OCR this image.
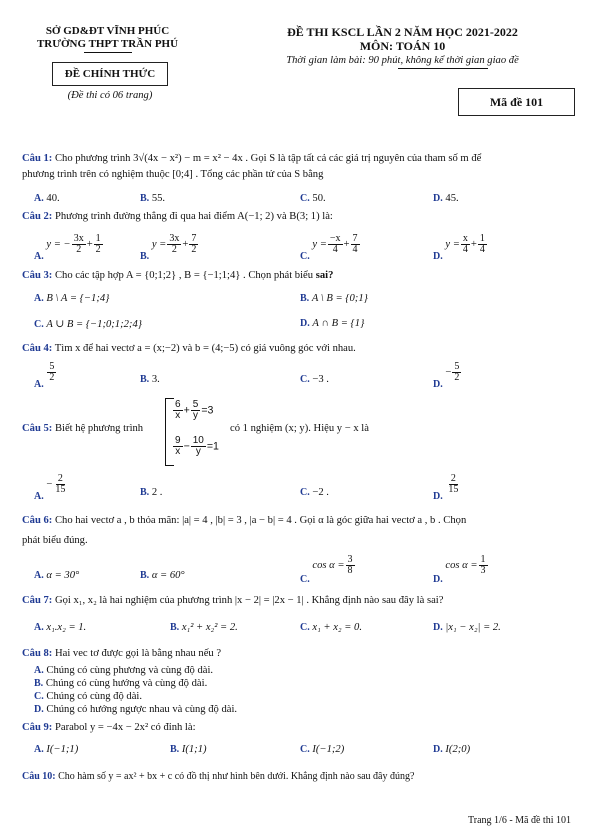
SỞ GD&ĐT VĨNH PHÚC
TRƯỜNG THPT TRẦN PHÚ
ĐỀ CHÍNH THỨC
(Đề thi có 06 trang)
ĐỀ THI KSCL LẦN 2 NĂM HỌC 2021-2022
MÔN: TOÁN 10
Thời gian làm bài: 90 phút, không kể thời gian giao đề
Mã đề 101
Câu 1: Cho phương trình 3√(4x − x²) − m = x² − 4x . Gọi S là tập tất cả các giá trị nguyên của tham số m để
phương trình trên có nghiệm thuộc [0;4] . Tổng các phần tử của S bằng
A. 40.	B. 55.	C. 50.	D. 45.
Câu 2: Phương trình đường thẳng đi qua hai điểm A(−1; 2) và B(3; 1) là:
A. y = − $\frac{3x}{2} + \frac{1}{2}$
B. $y = \frac{3x}{2} + \frac{7}{2}$
C. $y = \frac{-x}{4} + \frac{7}{4}$
D. $y = \frac{x}{4} + \frac{1}{4}$
Câu 3: Cho các tập hợp A = {0;1;2} , B = {−1;1;4} . Chọn phát biểu sai?
A. B \ A = {−1;4}	B. A \ B = {0;1}
C. A ∪ B = {−1;0;1;2;4}	D. A ∩ B = {1}
Câu 4: Tìm x để hai vectơ a = (x;−2) và b = (4;−5) có giá vuông góc với nhau.
A.
$\frac{5}{2}$	B. 3.	C. −3 .	D. − $\frac{5}{2}$
Câu 5: Biết hệ phương trình
$\frac{6}{x} + \frac{5}{y} =3$
$\frac{9}{x} - \frac{10}{y} =1$
có 1 nghiệm (x; y). Hiệu y − x là
A. − $\frac{2}{15}$	B. 2 .	C. −2 .	D.
$\frac{2}{15}$
Câu 6: Cho hai vectơ a , b thỏa mãn: |a| = 4 , |b| = 3 , |a − b| = 4 . Gọi α là góc giữa hai vectơ a , b . Chọn
phát biểu đúng.
A. α = 30°	B. α = 60°	C. $\cos \alpha = \frac{3}{8}$
D. $\cos \alpha = \frac{1}{3}$
Câu 7: Gọi x₁, x₂ là hai nghiệm của phương trình |x − 2| = |2x − 1| . Khẳng định nào sau đây là sai?
A. x₁.x₂ = 1.	B. x₁² + x₂² = 2.	C. x₁ + x₂ = 0.	D. |x₁ − x₂| = 2.
Câu 8: Hai vec tơ được gọi là bằng nhau nếu ?
A. Chúng có cùng phương và cùng độ dài.
B. Chúng có cùng hướng và cùng độ dài.
C. Chúng có cùng độ dài.
D. Chúng có hướng ngược nhau và cùng độ dài.
Câu 9: Parabol y = −4x − 2x² có đỉnh là:
A. I(−1;1)	B. I(1;1)	C. I(−1;2)	D. I(2;0)
Câu 10: Cho hàm số y = ax² + bx + c có đồ thị như hình bên dưới. Khẳng định nào sau đây đúng?
Trang 1/6 - Mã đề thi 101
